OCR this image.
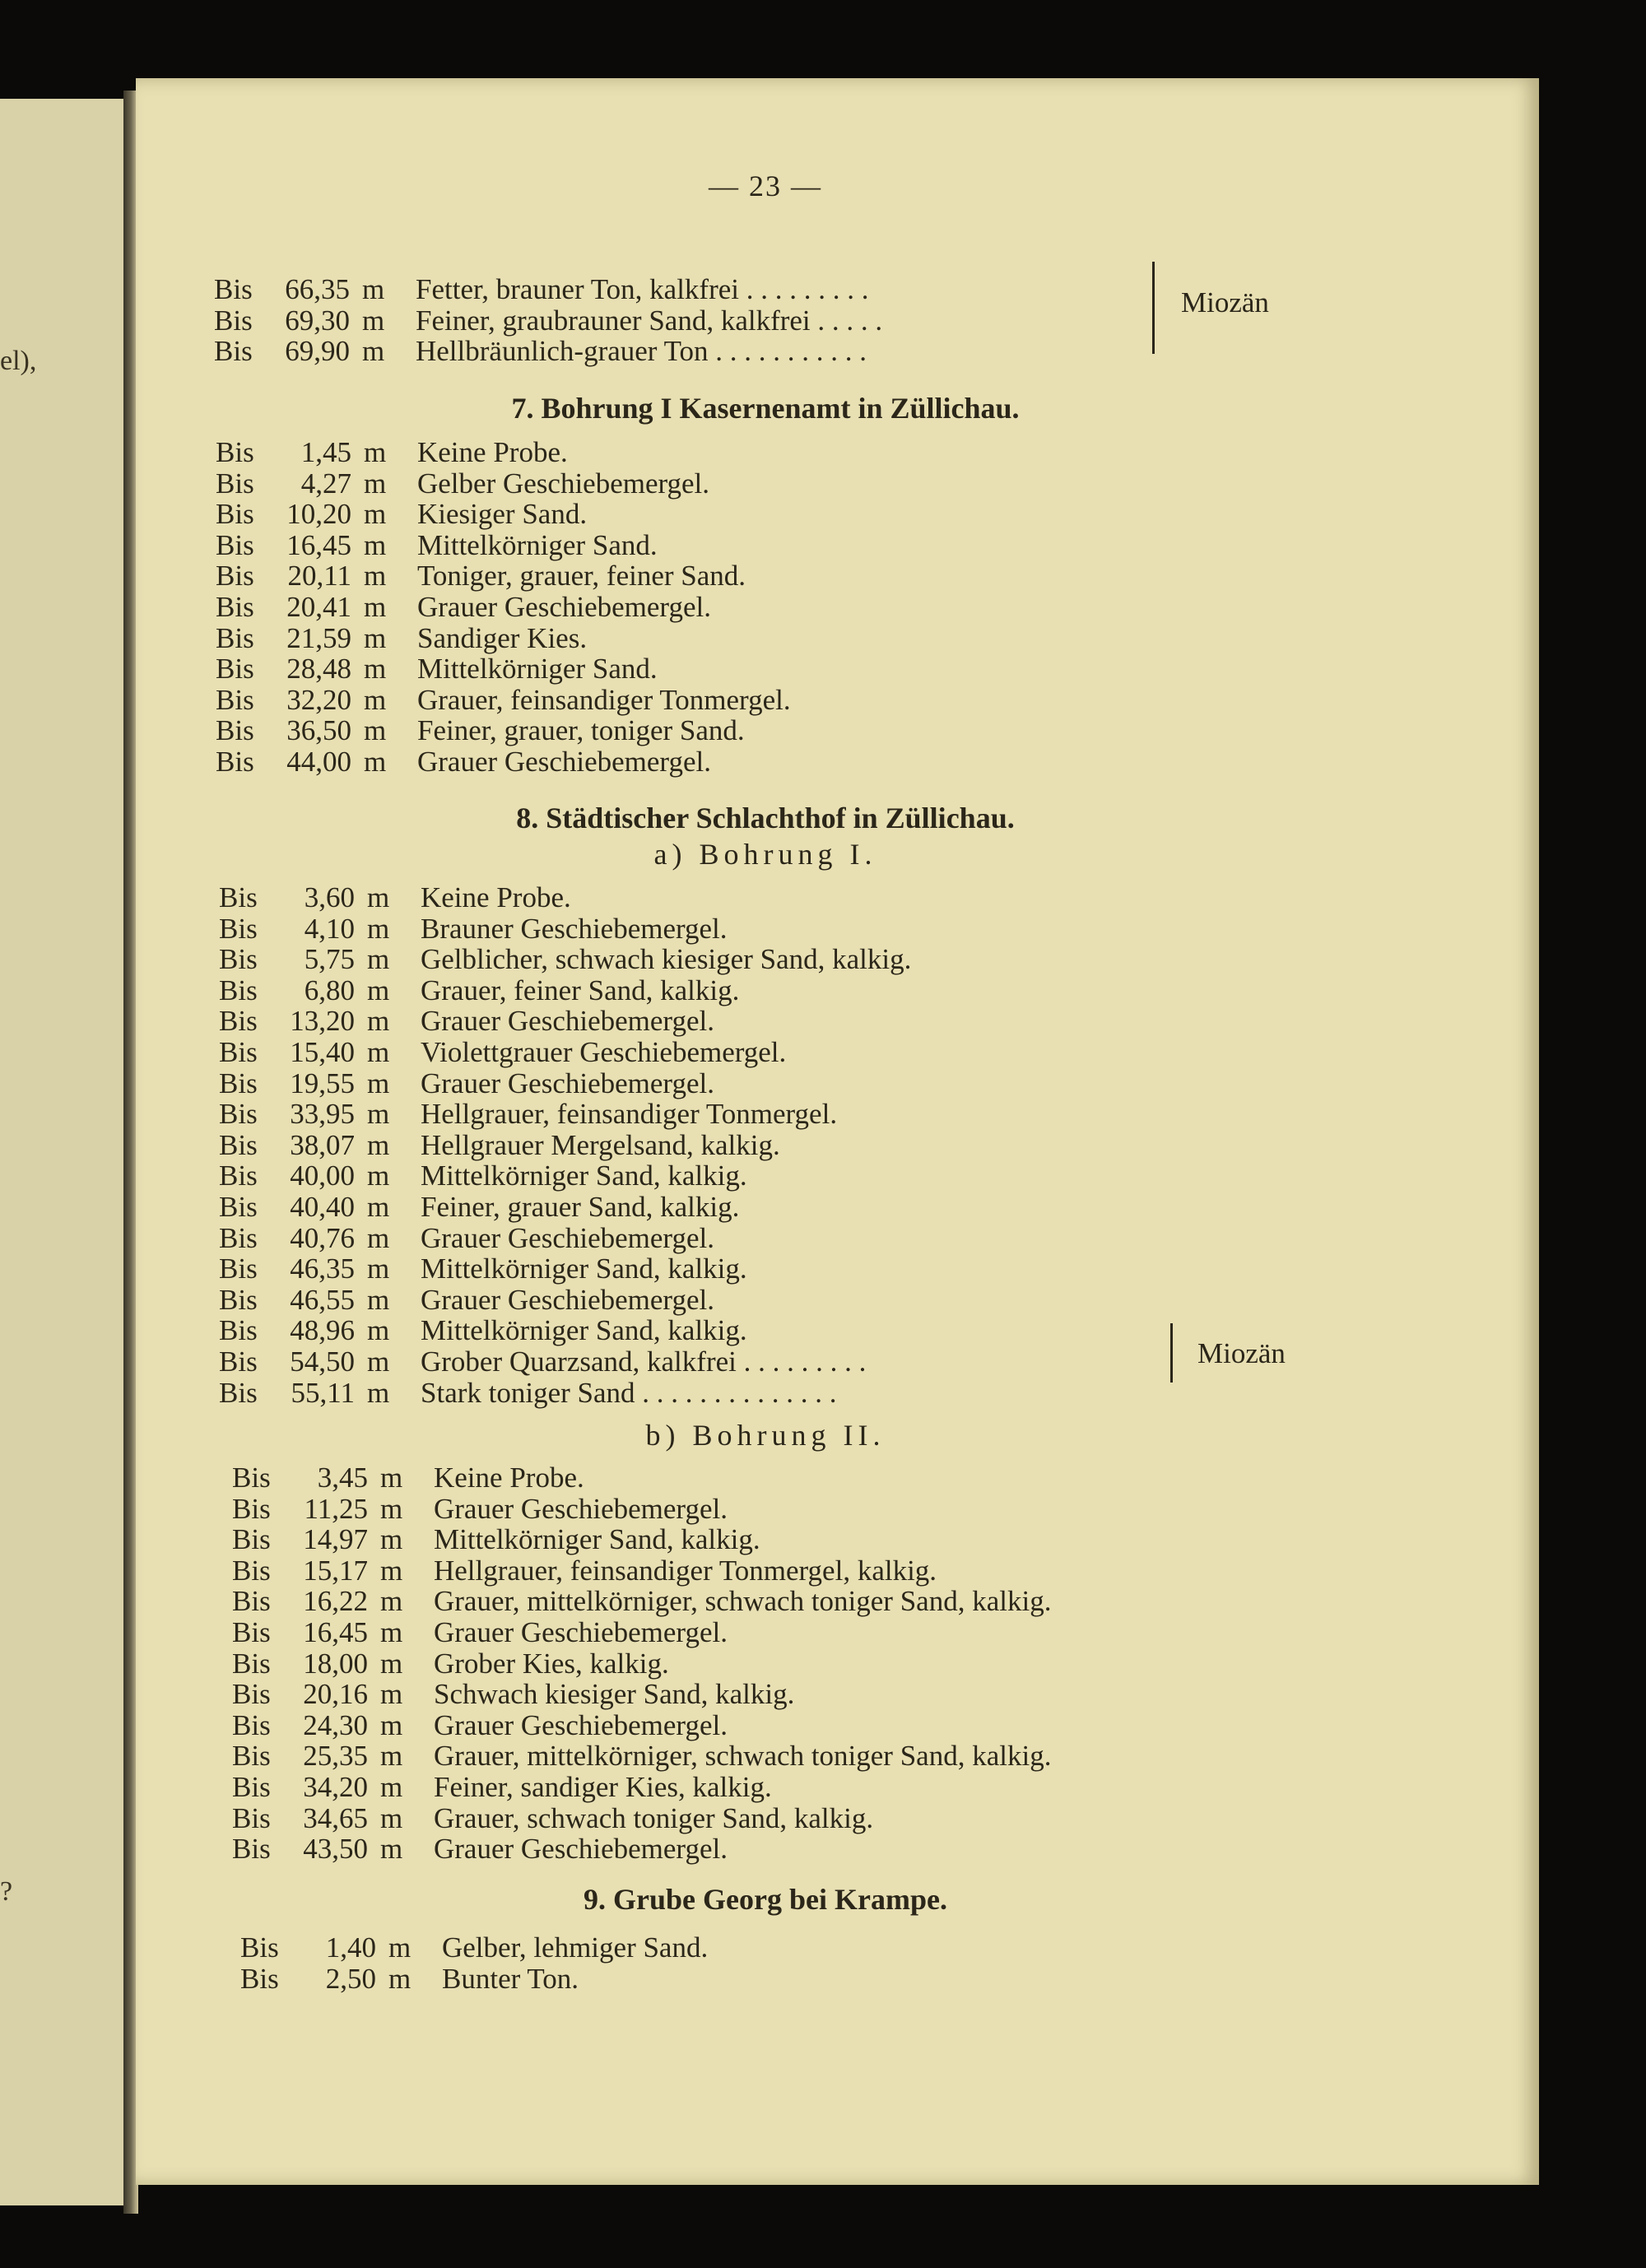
el),
?
— 23 —
Bis	66,35 m Fetter, brauner Ton, kalkfrei . . . . . . . . .
Bis	69,30 m Feiner, graubrauner Sand, kalkfrei . . . . .
Bis	69,90 m Hellbräunlich-grauer Ton . . . . . . . . . . .
Miozän
7. Bohrung I Kasernenamt in Züllichau.
Bis	1,45 m Keine Probe.
Bis	4,27 m Gelber Geschiebemergel.
Bis	10,20 m Kiesiger Sand.
Bis	16,45 m Mittelkörniger Sand.
Bis	20,11 m Toniger, grauer, feiner Sand.
Bis	20,41 m Grauer Geschiebemergel.
Bis	21,59 m Sandiger Kies.
Bis	28,48 m Mittelkörniger Sand.
Bis	32,20 m Grauer, feinsandiger Tonmergel.
Bis	36,50 m Feiner, grauer, toniger Sand.
Bis	44,00 m Grauer Geschiebemergel.
8. Städtischer Schlachthof in Züllichau.
a) Bohrung I.
Bis	3,60 m Keine Probe.
Bis	4,10 m Brauner Geschiebemergel.
Bis	5,75 m Gelblicher, schwach kiesiger Sand, kalkig.
Bis	6,80 m Grauer, feiner Sand, kalkig.
Bis	13,20 m Grauer Geschiebemergel.
Bis	15,40 m Violettgrauer Geschiebemergel.
Bis	19,55 m Grauer Geschiebemergel.
Bis	33,95 m Hellgrauer, feinsandiger Tonmergel.
Bis	38,07 m Hellgrauer Mergelsand, kalkig.
Bis	40,00 m Mittelkörniger Sand, kalkig.
Bis	40,40 m Feiner, grauer Sand, kalkig.
Bis	40,76 m Grauer Geschiebemergel.
Bis	46,35 m Mittelkörniger Sand, kalkig.
Bis	46,55 m Grauer Geschiebemergel.
Bis	48,96 m Mittelkörniger Sand, kalkig.
Bis	54,50 m Grober Quarzsand, kalkfrei . . . . . . . . .
Bis	55,11 m Stark toniger Sand . . . . . . . . . . . . . .
Miozän
b) Bohrung II.
Bis	3,45 m Keine Probe.
Bis	11,25 m Grauer Geschiebemergel.
Bis	14,97 m Mittelkörniger Sand, kalkig.
Bis	15,17 m Hellgrauer, feinsandiger Tonmergel, kalkig.
Bis	16,22 m Grauer, mittelkörniger, schwach toniger Sand, kalkig.
Bis	16,45 m Grauer Geschiebemergel.
Bis	18,00 m Grober Kies, kalkig.
Bis	20,16 m Schwach kiesiger Sand, kalkig.
Bis	24,30 m Grauer Geschiebemergel.
Bis	25,35 m Grauer, mittelkörniger, schwach toniger Sand, kalkig.
Bis	34,20 m Feiner, sandiger Kies, kalkig.
Bis	34,65 m Grauer, schwach toniger Sand, kalkig.
Bis	43,50 m Grauer Geschiebemergel.
9. Grube Georg bei Krampe.
Bis	1,40 m Gelber, lehmiger Sand.
Bis	2,50 m Bunter Ton.
